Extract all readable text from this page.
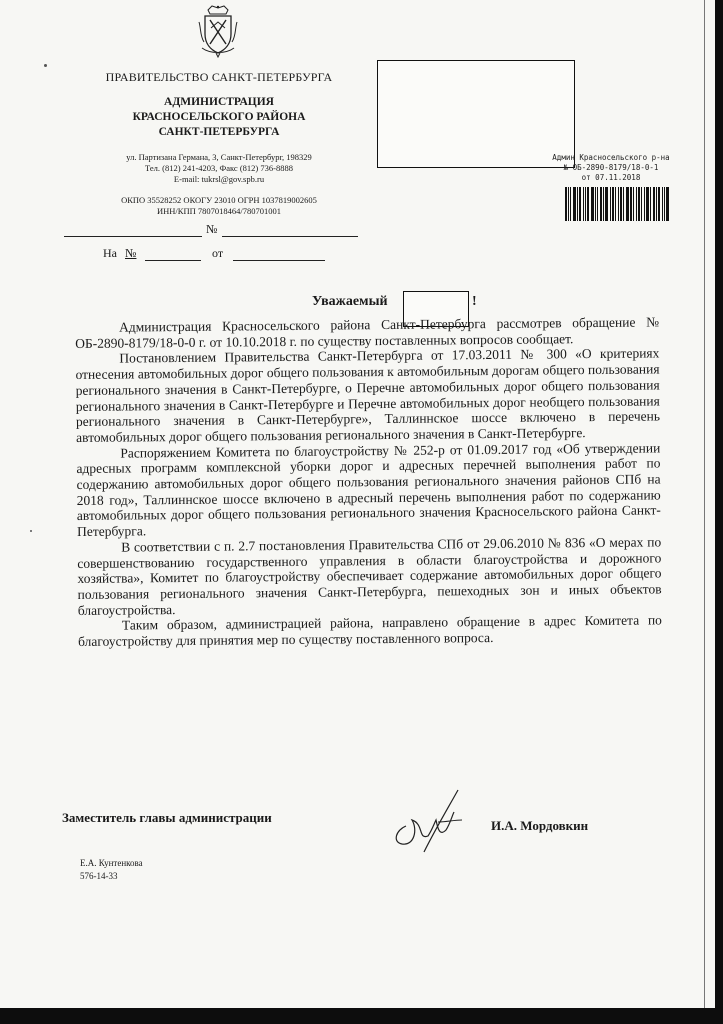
ПРАВИТЕЛЬСТВО САНКТ-ПЕТЕРБУРГА
АДМИНИСТРАЦИЯ
КРАСНОСЕЛЬСКОГО РАЙОНА
САНКТ-ПЕТЕРБУРГА
ул. Партизана Германа, 3, Санкт-Петербург, 198329
Тел. (812) 241-4203, Факс (812) 736-8888
E-mail: tukrsl@gov.spb.ru
ОКПО 35528252 ОКОГУ 23010 ОГРН 1037819002605
ИНН/КПП 7807018464/780701001
№
На №	от
Админ Красносельского р-на
№ ОБ-2890-8179/18-0-1
от 07.11.2018
Уважаемый	!

Администрация Красносельского района Санкт-Петербурга рассмотрев обращение № ОБ-2890-8179/18-0-0 г. от 10.10.2018 г. по существу поставленных вопросов сообщает.

Постановлением Правительства Санкт-Петербурга от 17.03.2011 № 300 «О критериях отнесения автомобильных дорог общего пользования к автомобильным дорогам общего пользования регионального значения в Санкт-Петербурге, о Перечне автомобильных дорог общего пользования регионального значения в Санкт-Петербурге и Перечне автомобильных дорог необщего пользования регионального значения в Санкт-Петербурге», Таллиннское шоссе включено в перечень автомобильных дорог общего пользования регионального значения в Санкт-Петербурге.

Распоряжением Комитета по благоустройству № 252-р от 01.09.2017 год «Об утверждении адресных программ комплексной уборки дорог и адресных перечней выполнения работ по содержанию автомобильных дорог общего пользования регионального значения районов СПб на 2018 год», Таллиннское шоссе включено в адресный перечень выполнения работ по содержанию автомобильных дорог общего пользования регионального значения Красносельского района Санкт-Петербурга.

В соответствии с п. 2.7 постановления Правительства СПб от 29.06.2010 № 836 «О мерах по совершенствованию государственного управления в области благоустройства и дорожного хозяйства», Комитет по благоустройству обеспечивает содержание автомобильных дорог общего пользования регионального значения Санкт-Петербурга, пешеходных зон и иных объектов благоустройства.

Таким образом, администрацией района, направлено обращение в адрес Комитета по благоустройству для принятия мер по существу поставленного вопроса.

Заместитель главы администрации
И.А. Мордовкин
Е.А. Кунтенкова
576-14-33
